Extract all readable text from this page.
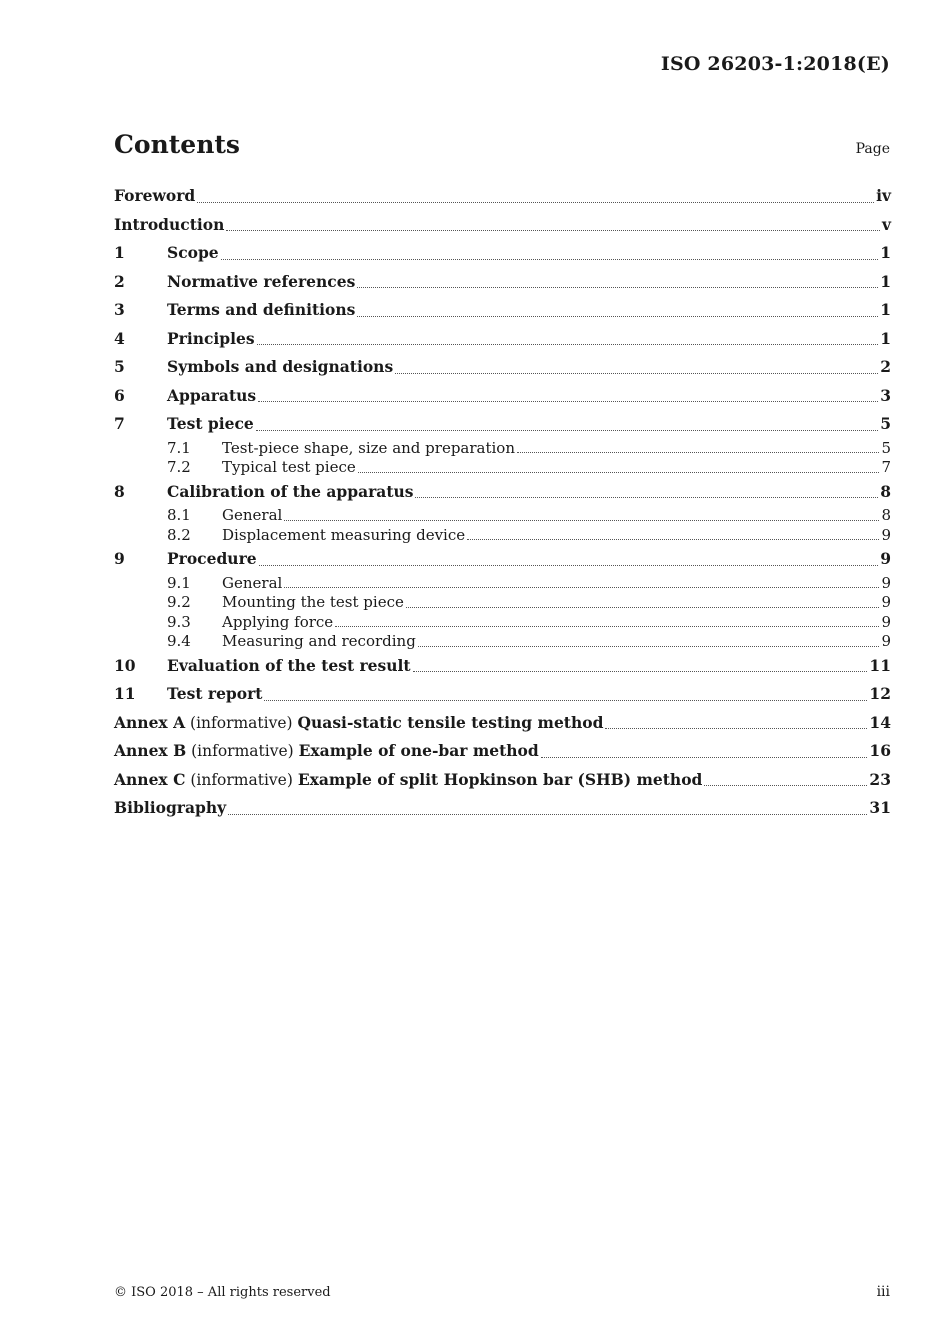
ISO 26203-1:2018(E)
Contents	Page
Foreword	iv
Introduction	v
1	Scope	1
2	Normative references	1
3	Terms and definitions	1
4	Principles	1
5	Symbols and designations	2
6	Apparatus	3
7	Test piece	5
7.1	Test-piece shape, size and preparation	5
7.2	Typical test piece	7
8	Calibration of the apparatus	8
8.1	General	8
8.2	Displacement measuring device	9
9	Procedure	9
9.1	General	9
9.2	Mounting the test piece	9
9.3	Applying force	9
9.4	Measuring and recording	9
10	Evaluation of the test result	11
11	Test report	12
Annex A (informative) Quasi-static tensile testing method	14
Annex B (informative) Example of one-bar method	16
Annex C (informative) Example of split Hopkinson bar (SHB) method	23
Bibliography	31
© ISO 2018 – All rights reserved	iii
